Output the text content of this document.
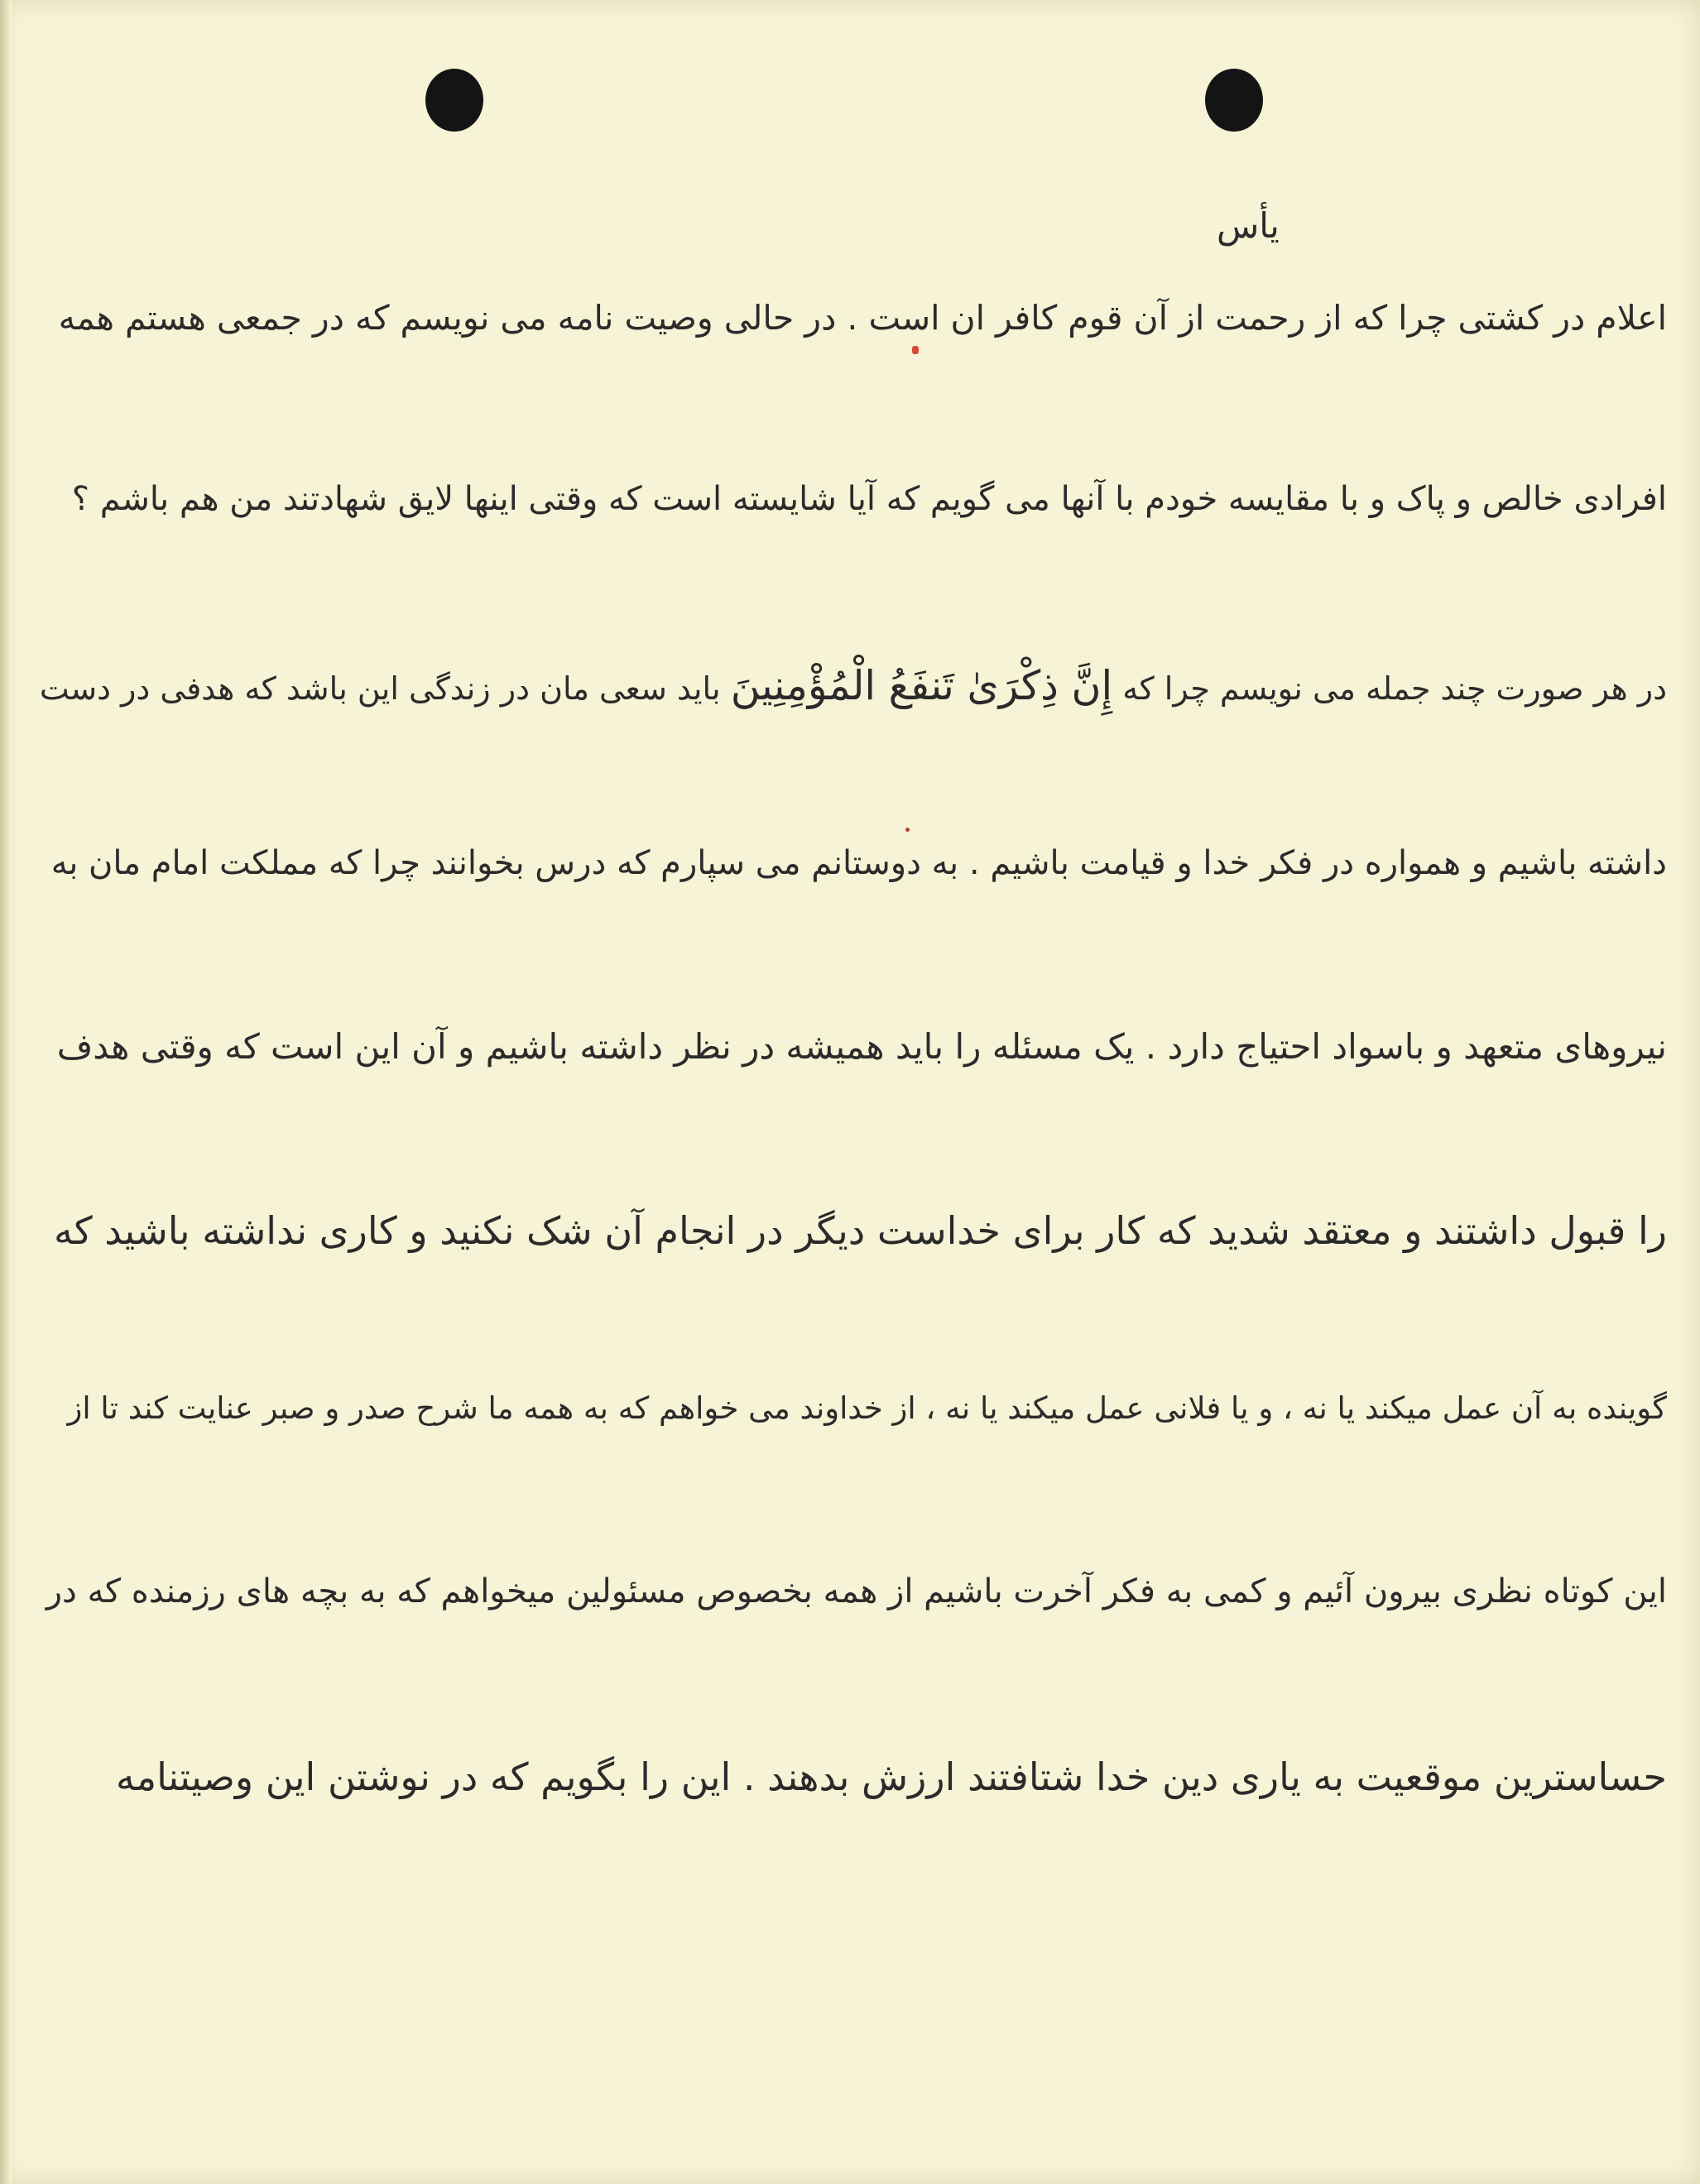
یأس
اعلام در کشتی چرا که از رحمت از آن قوم کافر ان است . در حالی وصیت نامه می نویسم که در جمعی هستم همه
افرادی خالص و پاک و با مقایسه خودم با آنها می گویم که آیا شایسته است که وقتی اینها لایق شهادتند من هم باشم ؟
در هر صورت چند جمله می نویسم چرا که إِنَّ ذِكْرَىٰ تَنفَعُ الْمُؤْمِنِينَ باید سعی مان در زندگی این باشد که هدفی در دست
داشته باشیم و همواره در فکر خدا و قیامت باشیم . به دوستانم می سپارم که درس بخوانند چرا که مملکت امام مان به
نیروهای متعهد و باسواد احتیاج دارد . یک مسئله را باید همیشه در نظر داشته باشیم و آن این است که وقتی هدف
را قبول داشتند و معتقد شدید که کار برای خداست دیگر در انجام آن شک نکنید و کاری نداشته باشید که
گوینده به آن عمل میکند یا نه ، و یا فلانی عمل میکند یا نه ، از خداوند می خواهم که به همه ما شرح صدر و صبر عنایت کند تا از
این کوتاه نظری بیرون آئیم و کمی به فکر آخرت باشیم از همه بخصوص مسئولین میخواهم که به بچه های رزمنده که در
حساسترین موقعیت به یاری دین خدا شتافتند ارزش بدهند . این را بگویم که در نوشتن این وصیتنامه
